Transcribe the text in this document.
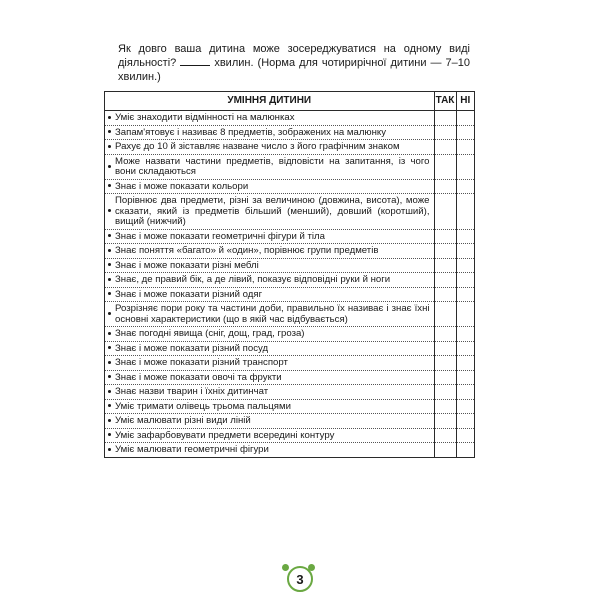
Як довго ваша дитина може зосереджуватися на одному виді діяльності?	хвилин. (Норма для чотирирічної дитини — 7–10 хвилин.)
УМІННЯ ДИТИНИ	ТАК	НІ

Уміє знаходити відмінності на малюнках		

Запам'ятовує і називає 8 предметів, зображених на малюнку		

Рахує до 10 й зіставляє назване число з його графічним знаком		

Може назвати частини предметів, відповісти на запитання, із чого вони складаються		

Знає і може показати кольори		

Порівнює два предмети, різні за величиною (довжина, висота), може сказати, який із предметів більший (менший), довший (коротший), вищий (нижчий)		

Знає і може показати геометричні фігури й тіла		

Знає поняття «багато» й «один», порівнює групи предметів		

Знає і може показати різні меблі		

Знає, де правий бік, а де лівий, показує відповідні руки й ноги		

Знає і може показати різний одяг		

Розрізняє пори року та частини доби, правильно їх називає і знає їхні основні характеристики (що в якій час відбувається)		

Знає погодні явища (сніг, дощ, град, гроза)		

Знає і може показати різний посуд		

Знає і може показати різний транспорт		

Знає і може показати овочі та фрукти		

Знає назви тварин і їхніх дитинчат		

Уміє тримати олівець трьома пальцями		

Уміє малювати різні види ліній		

Уміє зафарбовувати предмети всередині контуру		

Уміє малювати геометричні фігури		
3
